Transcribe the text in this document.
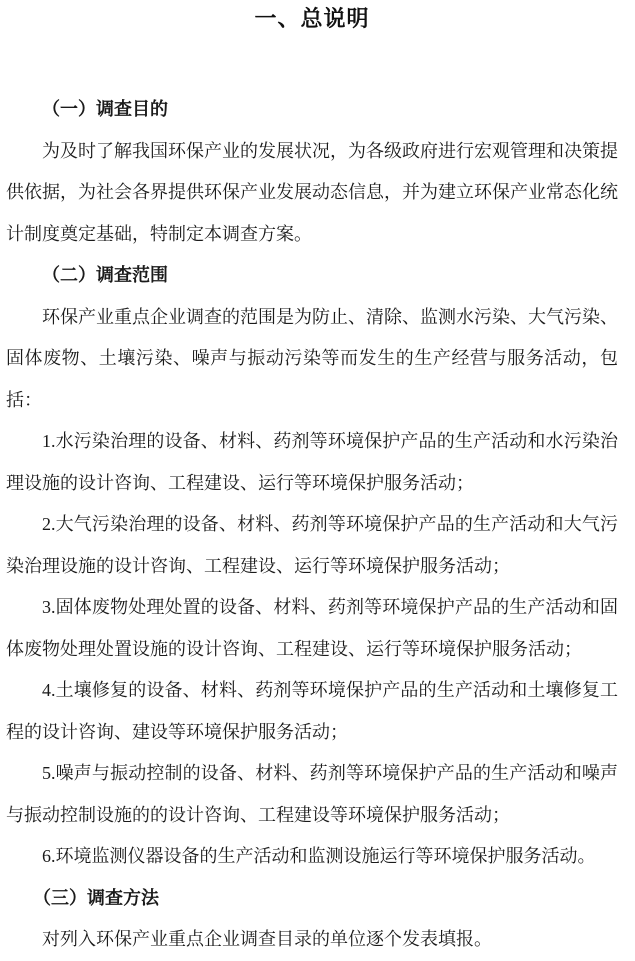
一、总说明
（一）调查目的

为及时了解我国环保产业的发展状况，为各级政府进行宏观管理和决策提供依据，为社会各界提供环保产业发展动态信息，并为建立环保产业常态化统计制度奠定基础，特制定本调查方案。

（二）调查范围

环保产业重点企业调查的范围是为防止、清除、监测水污染、大气污染、固体废物、土壤污染、噪声与振动污染等而发生的生产经营与服务活动，包括：

1.水污染治理的设备、材料、药剂等环境保护产品的生产活动和水污染治理设施的设计咨询、工程建设、运行等环境保护服务活动；

2.大气污染治理的设备、材料、药剂等环境保护产品的生产活动和大气污染治理设施的设计咨询、工程建设、运行等环境保护服务活动；

3.固体废物处理处置的设备、材料、药剂等环境保护产品的生产活动和固体废物处理处置设施的设计咨询、工程建设、运行等环境保护服务活动；

4.土壤修复的设备、材料、药剂等环境保护产品的生产活动和土壤修复工程的设计咨询、建设等环境保护服务活动；

5.噪声与振动控制的设备、材料、药剂等环境保护产品的生产活动和噪声与振动控制设施的的设计咨询、工程建设等环境保护服务活动；

6.环境监测仪器设备的生产活动和监测设施运行等环境保护服务活动。

（三）调查方法

对列入环保产业重点企业调查目录的单位逐个发表填报。
